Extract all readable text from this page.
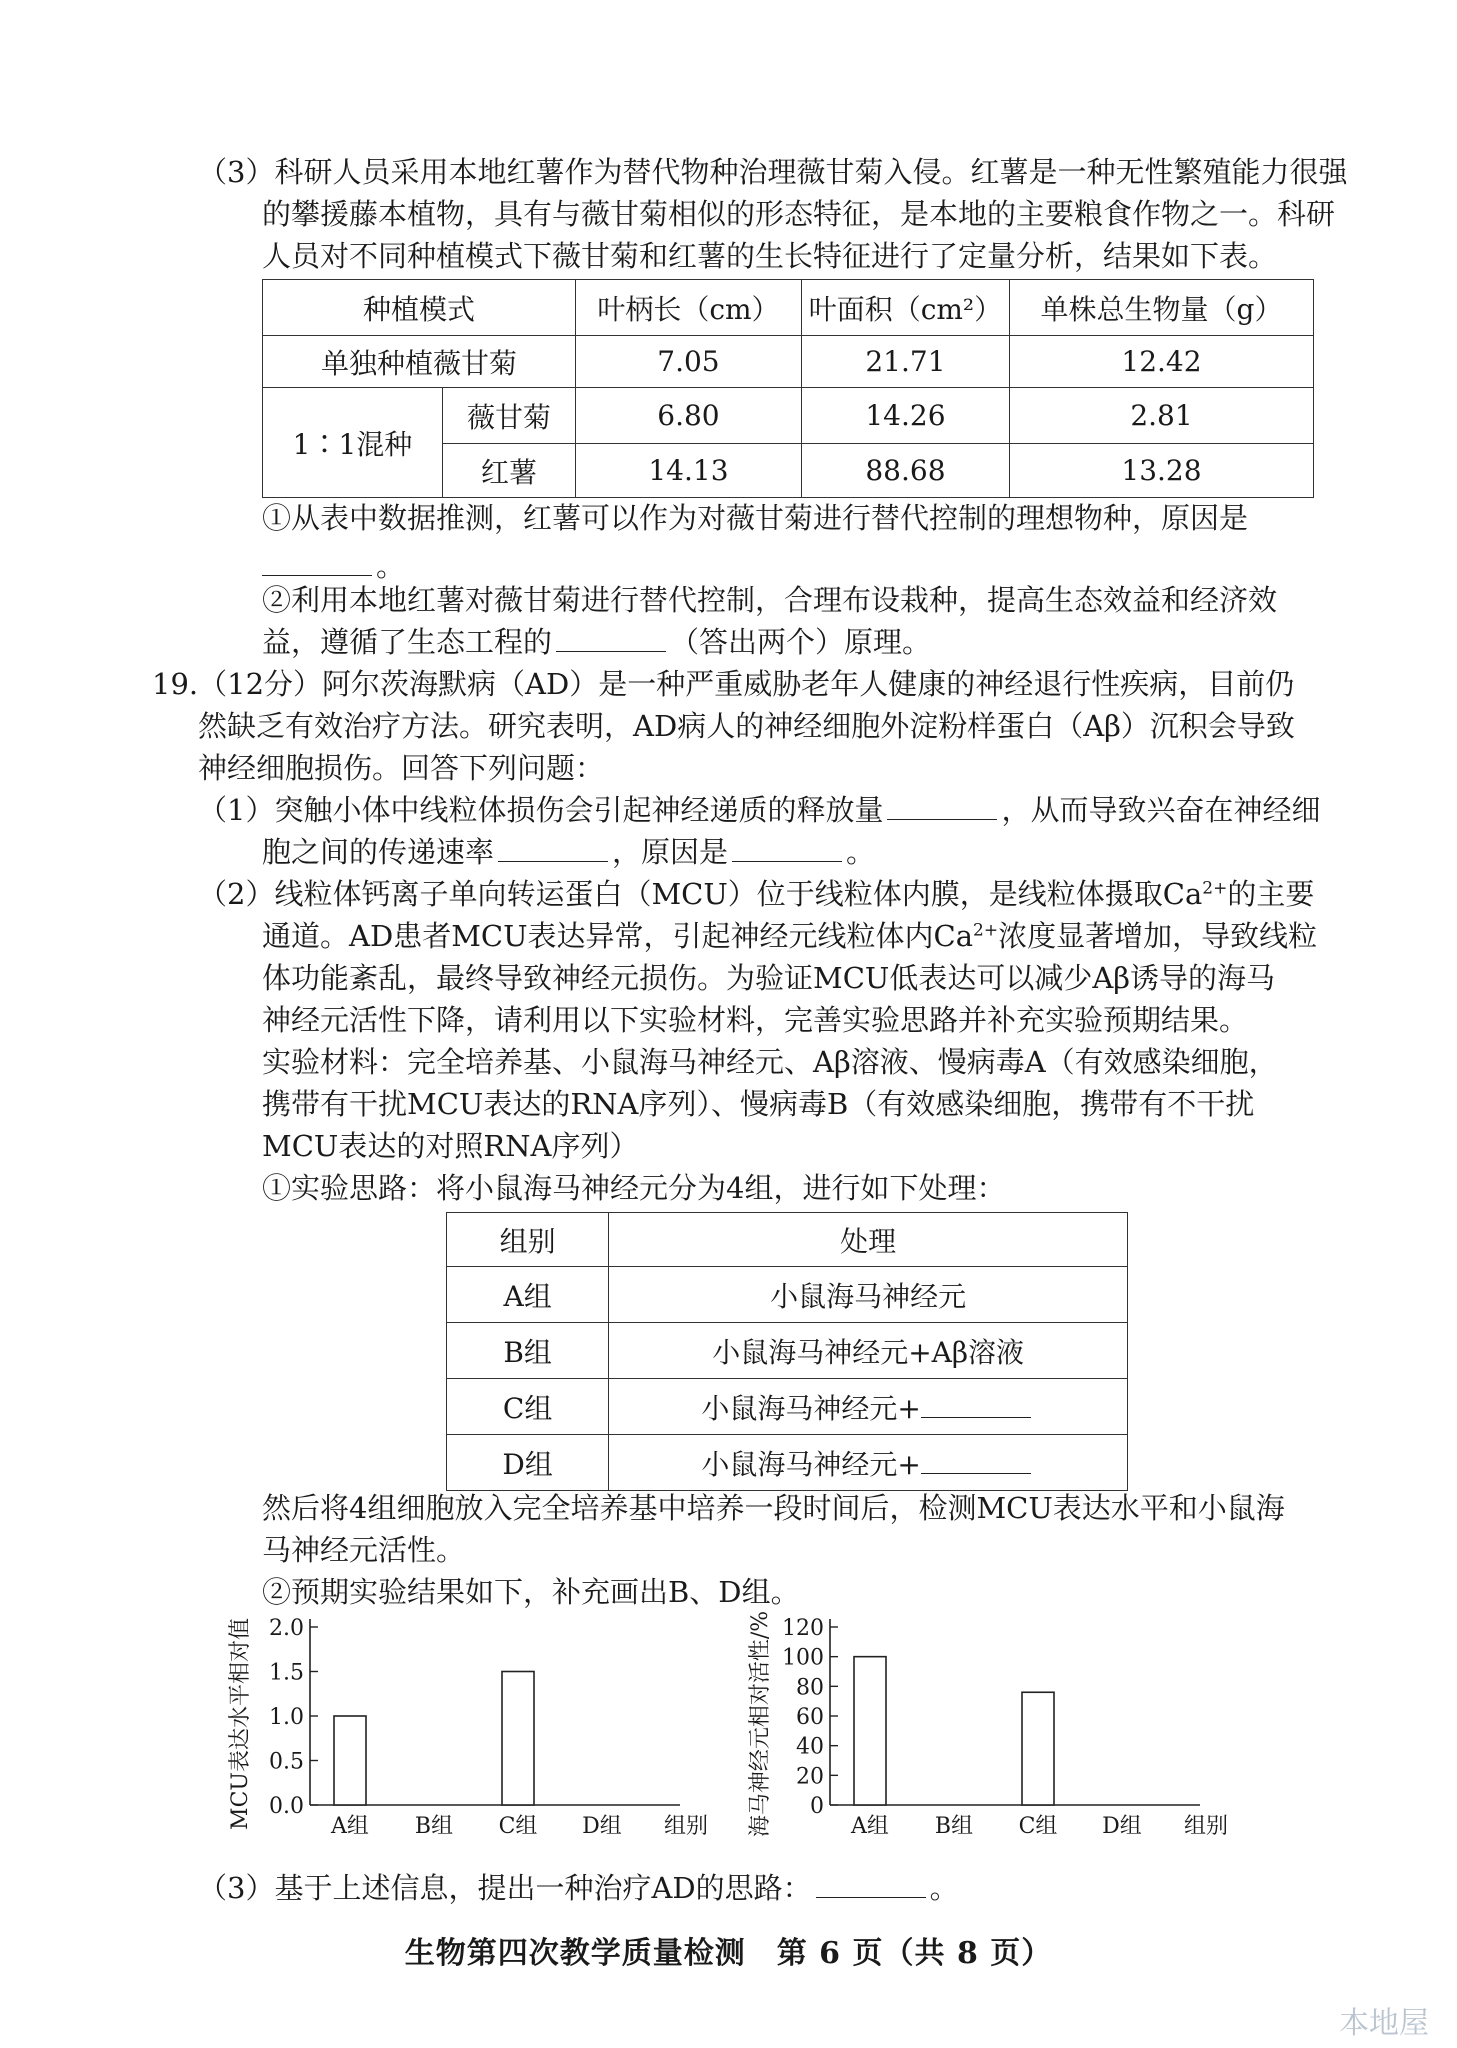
（3）科研人员采用本地红薯作为替代物种治理薇甘菊入侵。红薯是一种无性繁殖能力很强
的攀援藤本植物，具有与薇甘菊相似的形态特征，是本地的主要粮食作物之一。科研
人员对不同种植模式下薇甘菊和红薯的生长特征进行了定量分析，结果如下表。
种植模式		叶柄长（cm）	叶面积（cm²）	单株总生物量（g）
单独种植薇甘菊		7.05	21.71	12.42
1∶1混种	薇甘菊	6.80	14.26	2.81
	红薯	14.13	88.68	13.28
①从表中数据推测，红薯可以作为对薇甘菊进行替代控制的理想物种，原因是
。
②利用本地红薯对薇甘菊进行替代控制，合理布设栽种，提高生态效益和经济效
益，遵循了生态工程的	（答出两个）原理。
19.（12分）阿尔茨海默病（AD）是一种严重威胁老年人健康的神经退行性疾病，目前仍
然缺乏有效治疗方法。研究表明，AD病人的神经细胞外淀粉样蛋白（Aβ）沉积会导致
神经细胞损伤。回答下列问题：
（1）突触小体中线粒体损伤会引起神经递质的释放量	，从而导致兴奋在神经细
胞之间的传递速率	，原因是	。
（2）线粒体钙离子单向转运蛋白（MCU）位于线粒体内膜，是线粒体摄取$Ca^{2+}$的主要
通道。AD患者MCU表达异常，引起神经元线粒体内$Ca^{2+}$浓度显著增加，导致线粒
体功能紊乱，最终导致神经元损伤。为验证MCU低表达可以减少Aβ诱导的海马
神经元活性下降，请利用以下实验材料，完善实验思路并补充实验预期结果。
实验材料：完全培养基、小鼠海马神经元、Aβ溶液、慢病毒A（有效感染细胞，
携带有干扰MCU表达的RNA序列）、慢病毒B（有效感染细胞，携带有不干扰
MCU表达的对照RNA序列）
①实验思路：将小鼠海马神经元分为4组，进行如下处理：
组别	处理
A组	小鼠海马神经元
B组	小鼠海马神经元+Aβ溶液
C组	小鼠海马神经元+
D组	小鼠海马神经元+
然后将4组细胞放入完全培养基中培养一段时间后，检测MCU表达水平和小鼠海
马神经元活性。
②预期实验结果如下，补充画出B、D组。
MCU表达水平相对值 0.0
0.5
1.0
1.5
2.0
A组 B组 C组 D组 组别 海马神经元相对活性/% 0
20
40
60
80
100
120
A组 B组 C组 D组 组别
（3）基于上述信息，提出一种治疗AD的思路：	。
生物第四次教学质量检测　第 6 页（共 8 页）
本地屋
